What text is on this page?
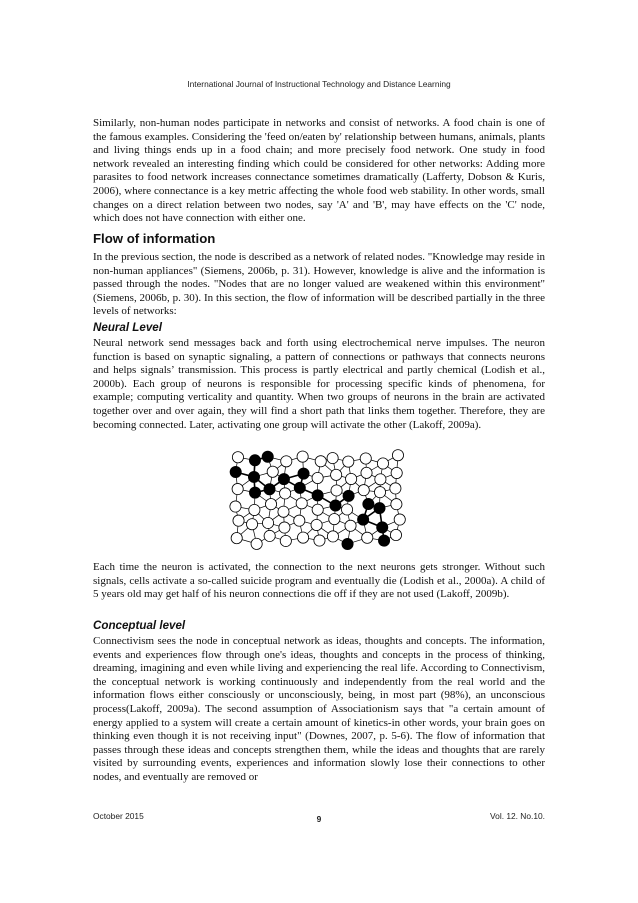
International Journal of Instructional Technology and Distance Learning

Similarly, non-human nodes participate in networks and consist of networks. A food chain is one of the famous examples. Considering the 'feed on/eaten by' relationship between humans, animals, plants and living things ends up in a food chain; and more precisely food network. One study in food network revealed an interesting finding which could be considered for other networks: Adding more parasites to food network increases connectance sometimes dramatically (Lafferty, Dobson & Kuris, 2006), where connectance is a key metric affecting the whole food web stability. In other words, small changes on a direct relation between two nodes, say 'A' and 'B', may have effects on the 'C' node, which does not have connection with either one.

Flow of information

In the previous section, the node is described as a network of related nodes. "Knowledge may reside in non-human appliances" (Siemens, 2006b, p. 31). However, knowledge is alive and the information is passed through the nodes. "Nodes that are no longer valued are weakened within this environment"(Siemens, 2006b, p. 30). In this section, the flow of information will be described partially in the three levels of networks:

Neural Level

Neural network send messages back and forth using electrochemical nerve impulses. The neuron function is based on synaptic signaling, a pattern of connections or pathways that connects neurons and helps signals’ transmission. This process is partly electrical and partly chemical (Lodish et al., 2000b). Each group of neurons is responsible for processing specific kinds of phenomena, for example; computing verticality and quantity. When two groups of neurons in the brain are activated together over and over again, they will find a short path that links them together. Therefore, they are becoming connected. Later, activating one group will activate the other (Lakoff, 2009a).

Each time the neuron is activated, the connection to the next neurons gets stronger. Without such signals, cells activate a so-called suicide program and eventually die (Lodish et al., 2000a). A child of 5 years old may get half of his neuron connections die off if they are not used (Lakoff, 2009b).

Conceptual level

Connectivism sees the node in conceptual network as ideas, thoughts and concepts. The information, events and experiences flow through one's ideas, thoughts and concepts in the process of thinking, dreaming, imagining and even while living and experiencing the real life. According to Connectivism, the conceptual network is working continuously and independently from the real world and the information flows either consciously or unconsciously, being, in most part (98%), an unconscious process(Lakoff, 2009a). The second assumption of Associationism says that "a certain amount of energy applied to a system will create a certain amount of kinetics-in other words, your brain goes on thinking even though it is not receiving input" (Downes, 2007, p. 5-6). The flow of information that passes through these ideas and concepts strengthen them, while the ideas and thoughts that are rarely visited by surrounding events, experiences and information slowly lose their connections to other nodes, and eventually are removed or

October 2015	9	Vol. 12. No.10.
